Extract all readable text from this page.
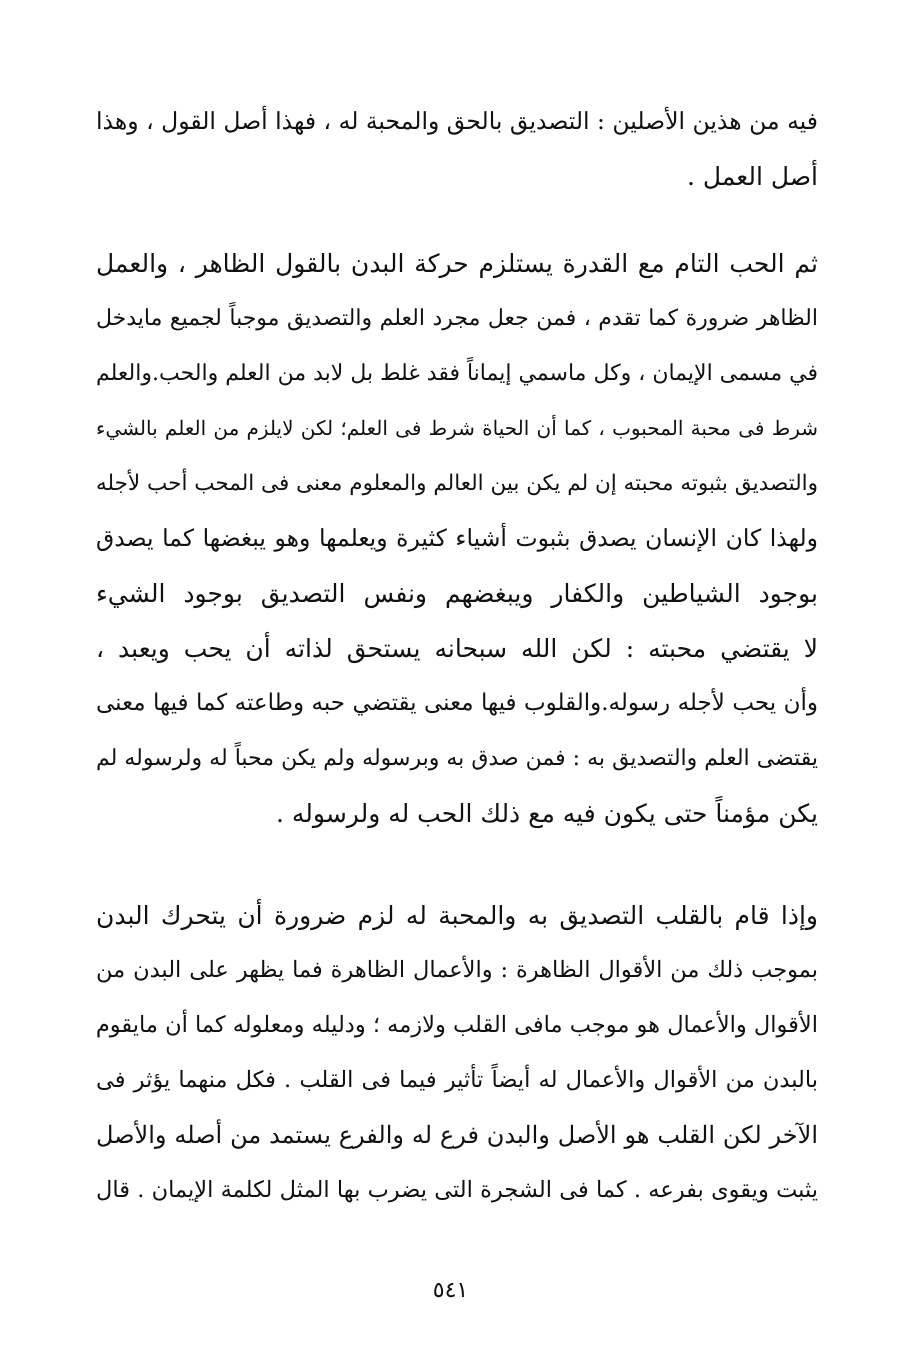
فيه من هذين الأصلين : التصديق بالحق والمحبة له ، فهذا أصل القول ، وهذا
أصل العمل .
ثم الحب التام مع القدرة يستلزم حركة البدن بالقول الظاهر ، والعمل
الظاهر ضرورة كما تقدم ، فمن جعل مجرد العلم والتصديق موجباً لجميع مايدخل
في مسمى الإيمان ، وكل ماسمي إيماناً فقد غلط بل لابد من العلم والحب.والعلم
شرط فى محبة المحبوب ، كما أن الحياة شرط فى العلم؛ لكن لايلزم من العلم بالشيء
والتصديق بثبوته محبته إن لم يكن بين العالم والمعلوم معنى فى المحب أحب لأجله
ولهذا كان الإنسان يصدق بثبوت أشياء كثيرة ويعلمها وهو يبغضها كما يصدق
بوجود الشياطين والكفار ويبغضهم ونفس التصديق بوجود الشيء
لا يقتضي محبته : لكن الله سبحانه يستحق لذاته أن يحب ويعبد ،
وأن يحب لأجله رسوله.والقلوب فيها معنى يقتضي حبه وطاعته كما فيها معنى
يقتضى العلم والتصديق به : فمن صدق به وبرسوله ولم يكن محباً له ولرسوله لم
يكن مؤمناً حتى يكون فيه مع ذلك الحب له ولرسوله .
وإذا قام بالقلب التصديق به والمحبة له لزم ضرورة أن يتحرك البدن
بموجب ذلك من الأقوال الظاهرة : والأعمال الظاهرة فما يظهر على البدن من
الأقوال والأعمال هو موجب مافى القلب ولازمه ؛ ودليله ومعلوله كما أن مايقوم
بالبدن من الأقوال والأعمال له أيضاً تأثير فيما فى القلب . فكل منهما يؤثر فى
الآخر لكن القلب هو الأصل والبدن فرع له والفرع يستمد من أصله والأصل
يثبت ويقوى بفرعه . كما فى الشجرة التى يضرب بها المثل لكلمة الإيمان . قال
٥٤١
